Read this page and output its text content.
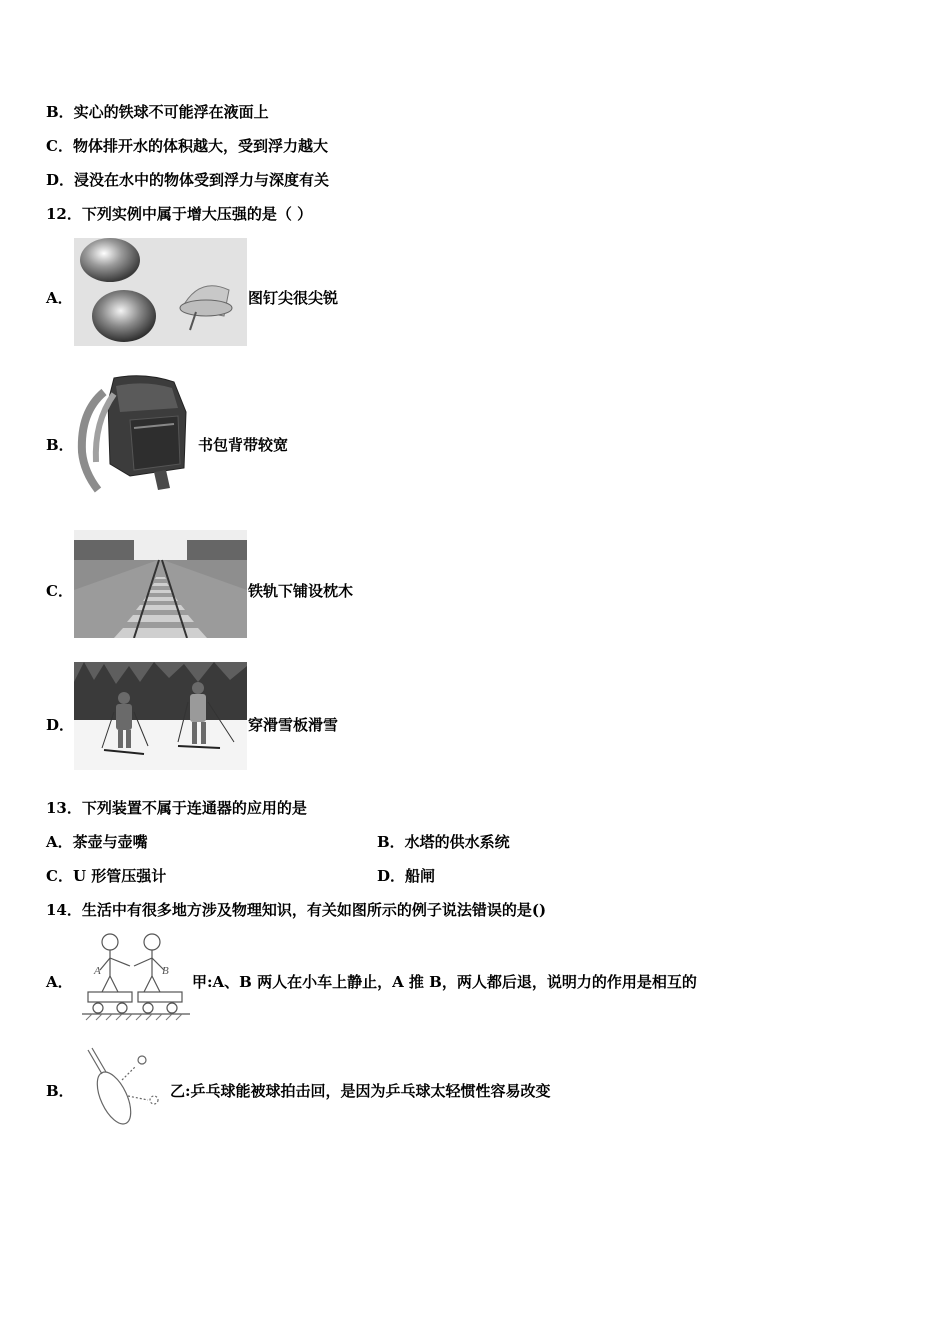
B．实心的铁球不可能浮在液面上
C．物体排开水的体积越大，受到浮力越大
D．浸没在水中的物体受到浮力与深度有关
12．下列实例中属于增大压强的是（ ）
A．	图钉尖很尖锐
B．	书包背带较宽
C．	铁轨下铺设枕木
D．	穿滑雪板滑雪
13．下列装置不属于连通器的应用的是
A．茶壶与壶嘴	B．水塔的供水系统
C．U 形管压强计	D．船闸
14．生活中有很多地方涉及物理知识，有关如图所示的例子说法错误的是()
A．
A	B
甲:A、B 两人在小车上静止，A 推 B，两人都后退，说明力的作用是相互的
B．	乙:乒乓球能被球拍击回，是因为乒乓球太轻惯性容易改变
